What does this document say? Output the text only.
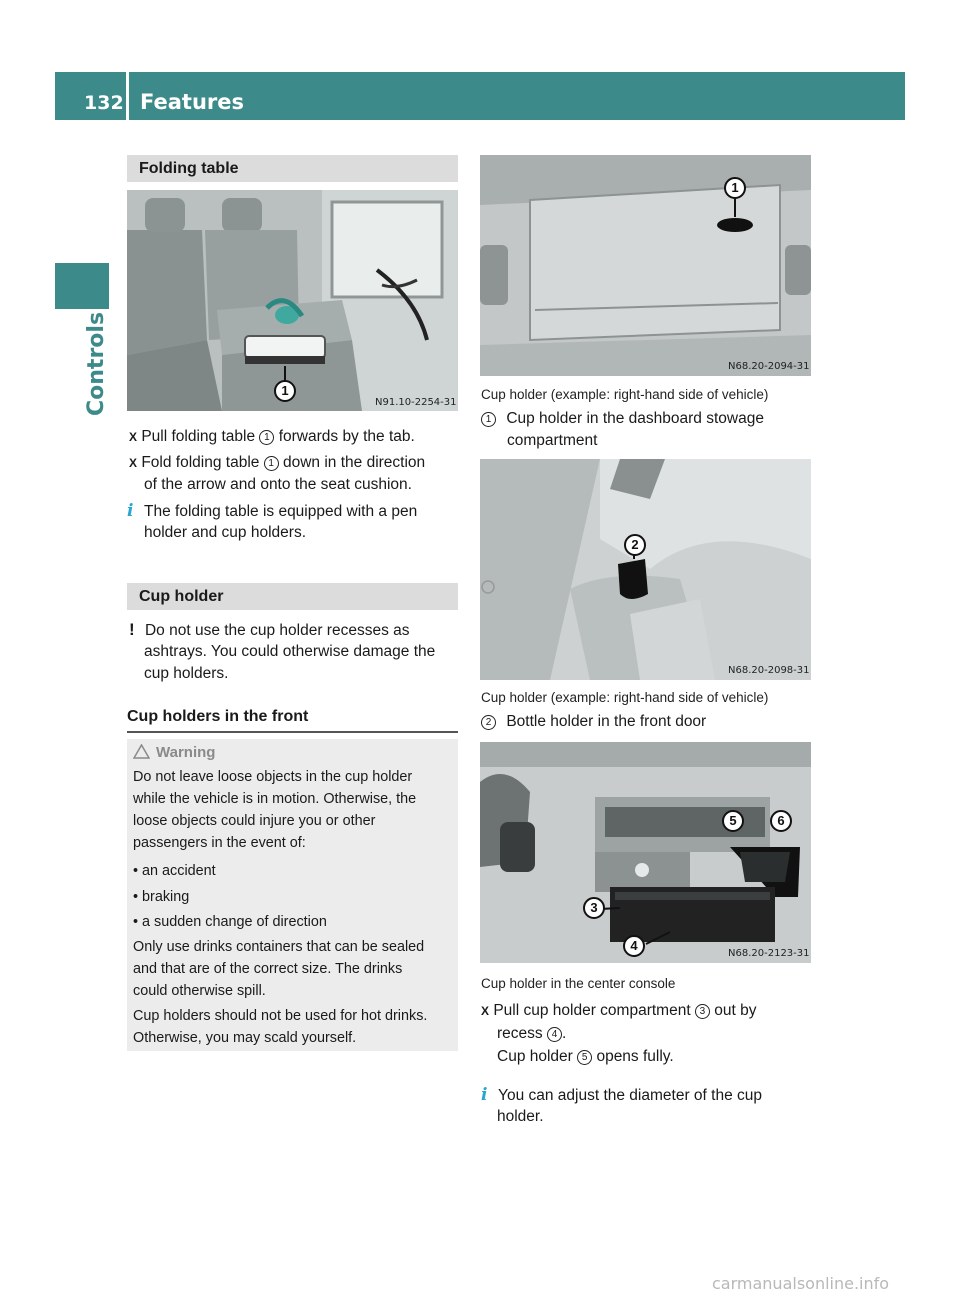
132 Features
Controls
Folding table
1
N91.10-2254-31
X Pull folding table 1 forwards by the tab.
X Fold folding table 1 down in the direction
of the arrow and onto the seat cushion.
i The folding table is equipped with a pen
holder and cup holders.
Cup holder
! Do not use the cup holder recesses as
ashtrays. You could otherwise damage the
cup holders.
Cup holders in the front
Warning
Do not leave loose objects in the cup holder
while the vehicle is in motion. Otherwise, the
loose objects could injure you or other
passengers in the event of:
• an accident
• braking
• a sudden change of direction
Only use drinks containers that can be sealed
and that are of the correct size. The drinks
could otherwise spill.
Cup holders should not be used for hot drinks.
Otherwise, you may scald yourself.
1
N68.20-2094-31
Cup holder (example: right-hand side of vehicle)
1 Cup holder in the dashboard stowage
compartment
2
N68.20-2098-31
Cup holder (example: right-hand side of vehicle)
2 Bottle holder in the front door
5	6
3
4
N68.20-2123-31
Cup holder in the center console
X Pull cup holder compartment 3 out by
recess 4 .
Cup holder 5 opens fully.
i You can adjust the diameter of the cup
holder.
carmanualsonline.info
